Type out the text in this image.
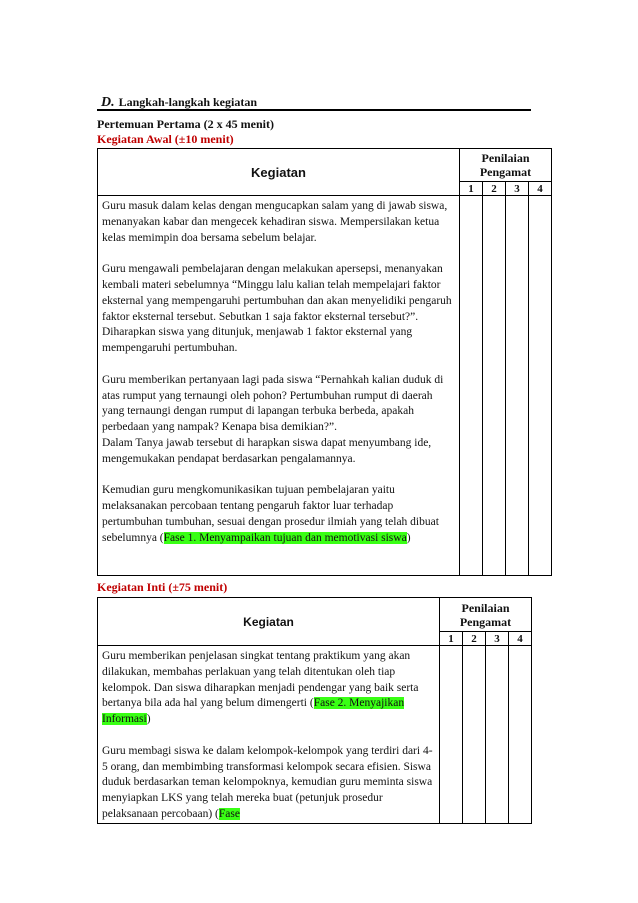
D. Langkah-langkah kegiatan
Pertemuan Pertama (2 x 45 menit)
Kegiatan Awal (±10 menit)
Kegiatan	Penilaian
Pengamat			

	1	2	3	4

Guru masuk dalam kelas dengan mengucapkan salam yang di jawab siswa, menanyakan kabar dan mengecek kehadiran siswa. Mempersilakan ketua kelas memimpin doa bersama sebelum belajar.

Guru mengawali pembelajaran dengan melakukan apersepsi, menanyakan kembali materi sebelumnya “Minggu lalu kalian telah mempelajari faktor eksternal yang mempengaruhi pertumbuhan dan akan menyelidiki pengaruh faktor eksternal tersebut. Sebutkan 1 saja faktor eksternal tersebut?”. Diharapkan siswa yang ditunjuk, menjawab 1 faktor eksternal yang mempengaruhi pertumbuhan.

Guru memberikan pertanyaan lagi pada siswa “Pernahkah kalian duduk di atas rumput yang ternaungi oleh pohon? Pertumbuhan rumput di daerah yang ternaungi dengan rumput di lapangan terbuka berbeda, apakah perbedaan yang nampak? Kenapa bisa demikian?”.

Dalam Tanya jawab tersebut di harapkan siswa dapat menyumbang ide, mengemukakan pendapat berdasarkan pengalamannya.

Kemudian guru mengkomunikasikan tujuan pembelajaran yaitu melaksanakan percobaan tentang pengaruh faktor luar terhadap pertumbuhan tumbuhan, sesuai dengan prosedur ilmiah yang telah dibuat sebelumnya (Fase 1. Menyampaikan tujuan dan memotivasi siswa)				

Kegiatan Inti (±75 menit)
Kegiatan	Penilaian
Pengamat			

	1	2	3	4

Guru memberikan penjelasan singkat tentang praktikum yang akan dilakukan, membahas perlakuan yang telah ditentukan oleh tiap kelompok. Dan siswa diharapkan menjadi pendengar yang baik serta bertanya bila ada hal yang belum dimengerti (Fase 2. Menyajikan Informasi)

Guru membagi siswa ke dalam kelompok-kelompok yang terdiri dari 4-5 orang, dan membimbing transformasi kelompok secara efisien. Siswa duduk berdasarkan teman kelompoknya, kemudian guru meminta siswa menyiapkan LKS yang telah mereka buat (petunjuk prosedur pelaksanaan percobaan) (Fase				
